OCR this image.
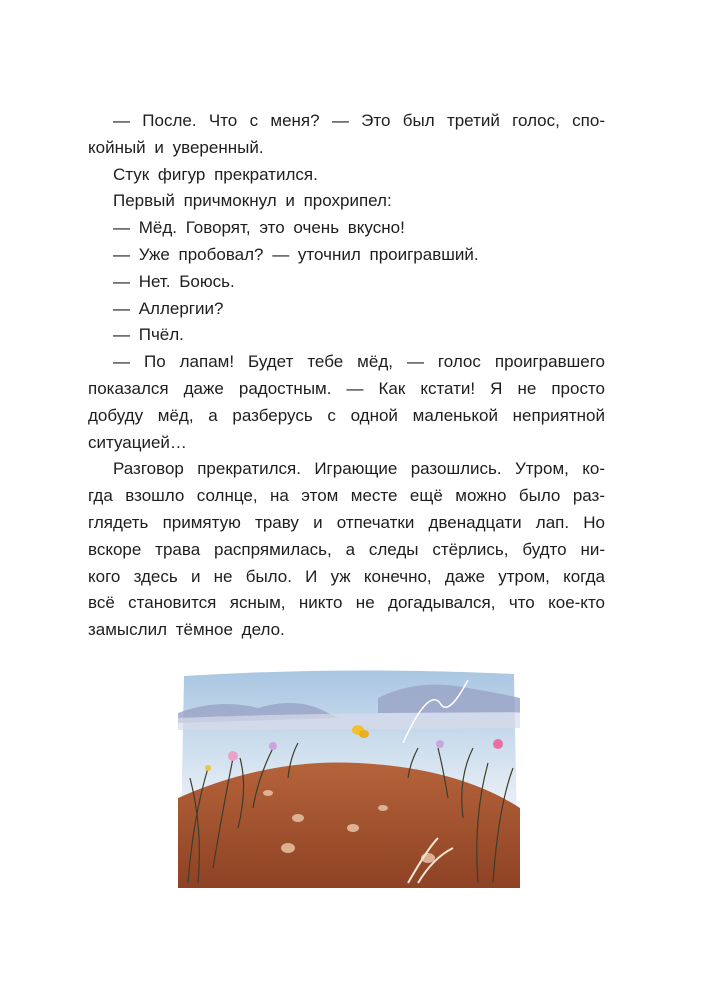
— После. Что с меня? — Это был третий голос, спо-
койный и уверенный.
Стук фигур прекратился.
Первый причмокнул и прохрипел:
— Мёд. Говорят, это очень вкусно!
— Уже пробовал? — уточнил проигравший.
— Нет. Боюсь.
— Аллергии?
— Пчёл.
— По лапам! Будет тебе мёд, — голос проигравшего
показался даже радостным. — Как кстати! Я не просто
добуду мёд, а разберусь с одной маленькой неприятной
ситуацией…
Разговор прекратился. Играющие разошлись. Утром, ко-
гда взошло солнце, на этом месте ещё можно было раз-
глядеть примятую траву и отпечатки двенадцати лап. Но
вскоре трава распрямилась, а следы стёрлись, будто ни-
кого здесь и не было. И уж конечно, даже утром, когда
всё становится ясным, никто не догадывался, что кое-кто
замыслил тёмное дело.
